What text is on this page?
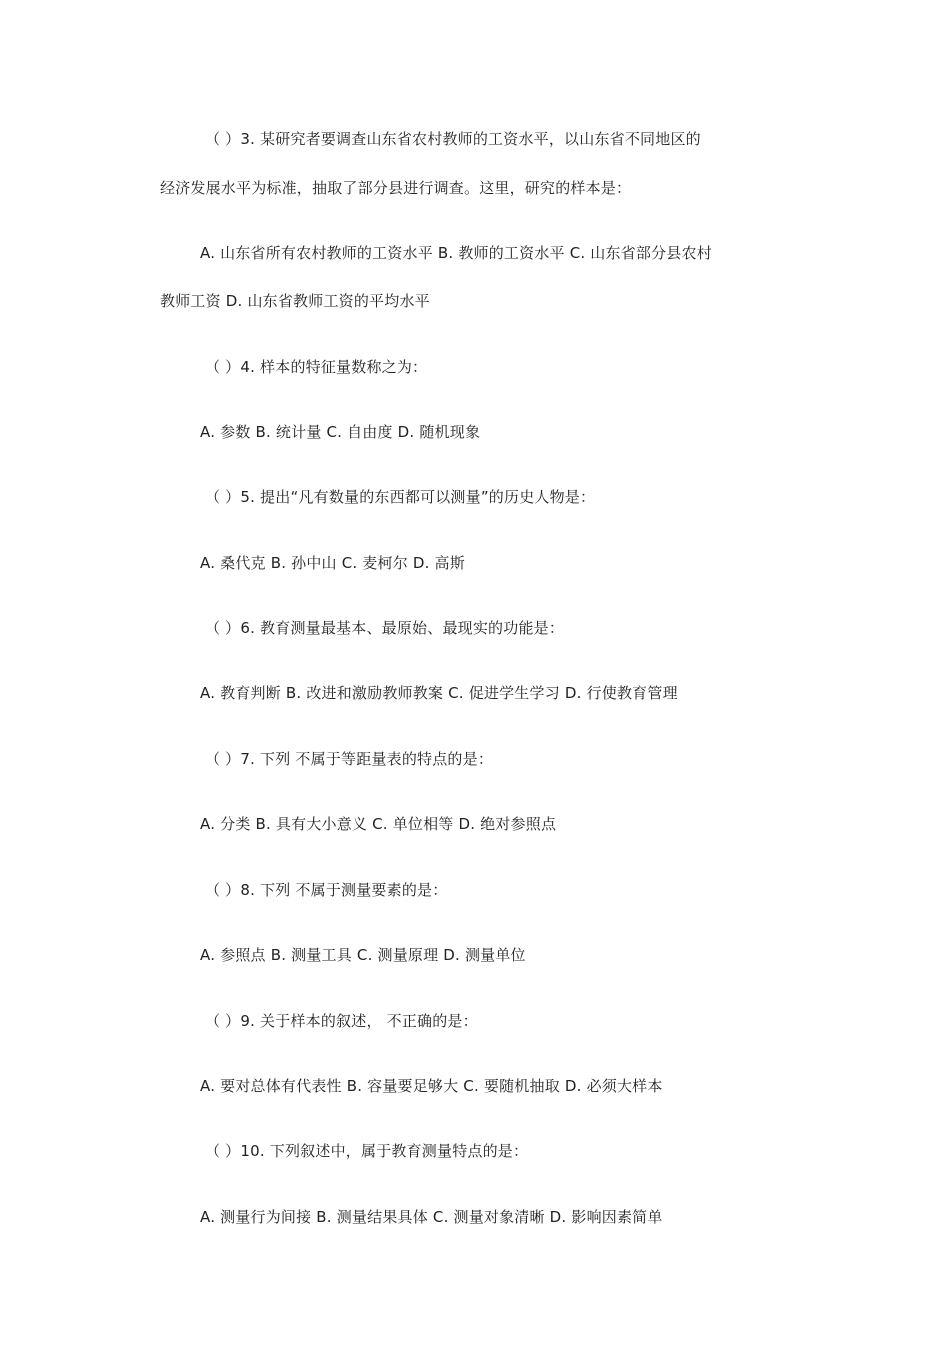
（ ）3. 某研究者要调查山东省农村教师的工资水平，以山东省不同地区的
经济发展水平为标准，抽取了部分县进行调查。这里，研究的样本是：
A. 山东省所有农村教师的工资水平 B. 教师的工资水平 C. 山东省部分县农村
教师工资 D. 山东省教师工资的平均水平
（ ）4. 样本的特征量数称之为：
A. 参数 B. 统计量 C. 自由度 D. 随机现象
（ ）5. 提出“凡有数量的东西都可以测量”的历史人物是：
A. 桑代克 B. 孙中山 C. 麦柯尔 D. 高斯
（ ）6. 教育测量最基本、最原始、最现实的功能是：
A. 教育判断 B. 改进和激励教师教案 C. 促进学生学习 D. 行使教育管理
（ ）7. 下列 不属于等距量表的特点的是：
A. 分类 B. 具有大小意义 C. 单位相等 D. 绝对参照点
（ ）8. 下列 不属于测量要素的是：
A. 参照点 B. 测量工具 C. 测量原理 D. 测量单位
（ ）9. 关于样本的叙述， 不正确的是：
A. 要对总体有代表性 B. 容量要足够大 C. 要随机抽取 D. 必须大样本
（ ）10. 下列叙述中，属于教育测量特点的是：
A. 测量行为间接 B. 测量结果具体 C. 测量对象清晰 D. 影响因素简单
